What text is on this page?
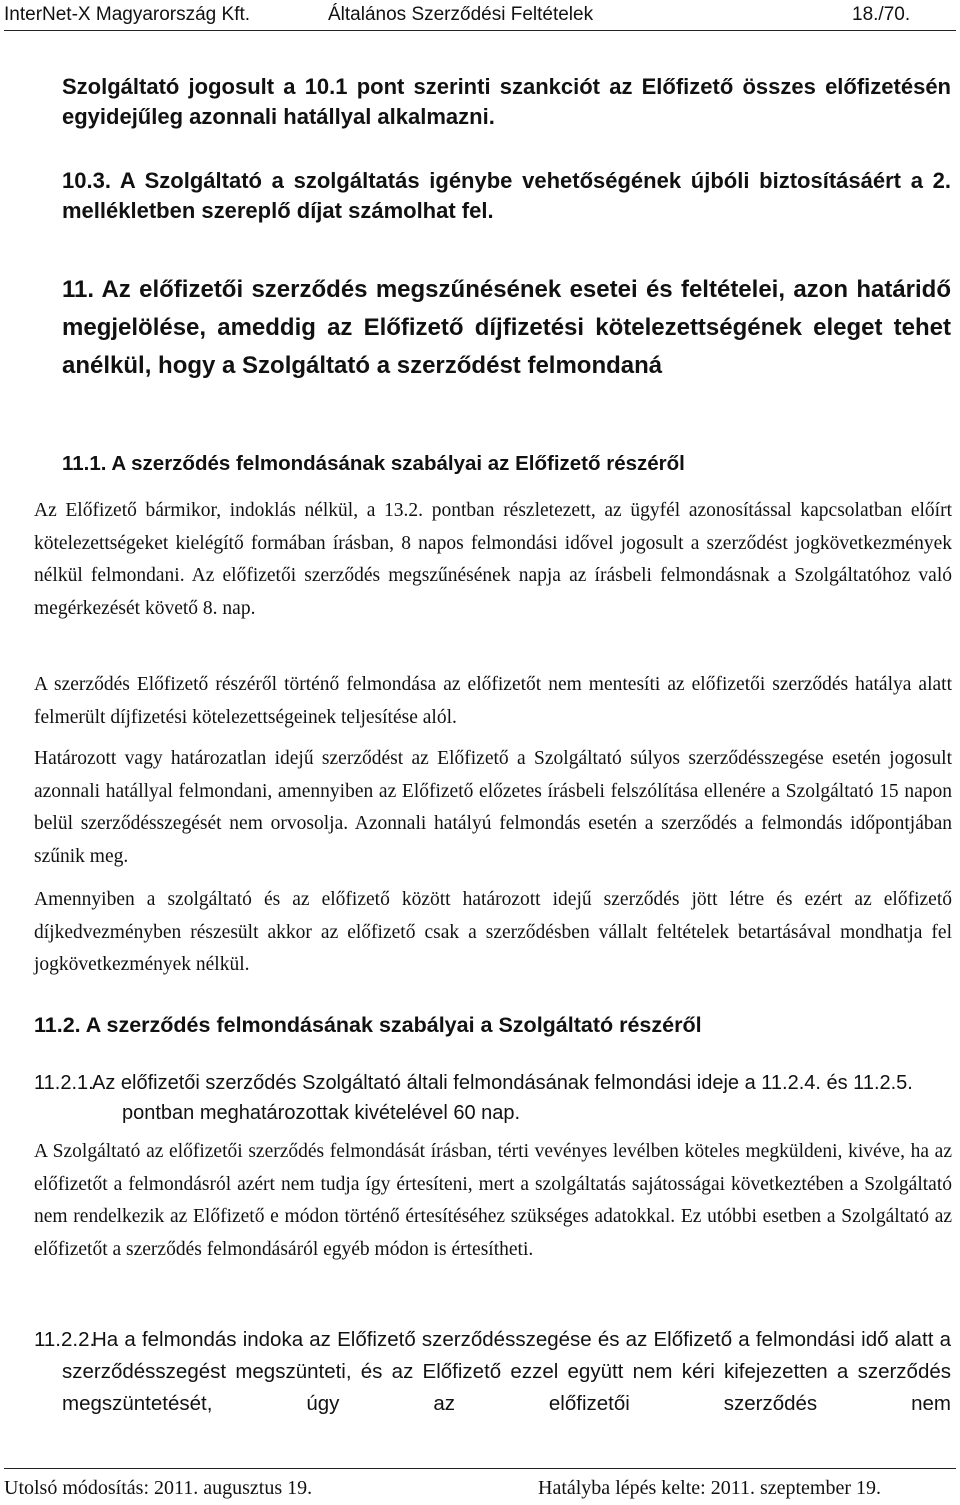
InterNet-X Magyarország Kft.	Általános Szerződési Feltételek	18./70.
Szolgáltató jogosult a 10.1 pont szerinti szankciót az Előfizető összes előfizetésén egyidejűleg azonnali hatállyal alkalmazni.
10.3. A Szolgáltató a szolgáltatás igénybe vehetőségének újbóli biztosításáért a 2. mellékletben szereplő díjat számolhat fel.
11. Az előfizetői szerződés megszűnésének esetei és feltételei, azon határidő megjelölése, ameddig az Előfizető díjfizetési kötelezettségének eleget tehet anélkül, hogy a Szolgáltató a szerződést felmondaná
11.1. A szerződés felmondásának szabályai az Előfizető részéről
Az Előfizető bármikor, indoklás nélkül, a 13.2. pontban részletezett, az ügyfél azonosítással kapcsolatban előírt kötelezettségeket kielégítő formában írásban, 8 napos felmondási idővel jogosult a szerződést jogkövetkezmények nélkül felmondani. Az előfizetői szerződés megszűnésének napja az írásbeli felmondásnak a Szolgáltatóhoz való megérkezését követő 8. nap.
A szerződés Előfizető részéről történő felmondása az előfizetőt nem mentesíti az előfizetői szerződés hatálya alatt felmerült díjfizetési kötelezettségeinek teljesítése alól.
Határozott vagy határozatlan idejű szerződést az Előfizető a Szolgáltató súlyos szerződésszegése esetén jogosult azonnali hatállyal felmondani, amennyiben az Előfizető előzetes írásbeli felszólítása ellenére a Szolgáltató 15 napon belül szerződésszegését nem orvosolja. Azonnali hatályú felmondás esetén a szerződés a felmondás időpontjában szűnik meg.
Amennyiben a szolgáltató és az előfizető között határozott idejű szerződés jött létre és ezért az előfizető díjkedvezményben részesült akkor az előfizető csak a szerződésben vállalt feltételek betartásával mondhatja fel jogkövetkezmények nélkül.
11.2. A szerződés felmondásának szabályai a Szolgáltató részéről
11.2.1.
Az előfizetői szerződés Szolgáltató általi felmondásának felmondási ideje a 11.2.4. és 11.2.5. pontban meghatározottak kivételével 60 nap.
A Szolgáltató az előfizetői szerződés felmondását írásban, térti vevényes levélben köteles megküldeni, kivéve, ha az előfizetőt a felmondásról azért nem tudja így értesíteni, mert a szolgáltatás sajátosságai következtében a Szolgáltató nem rendelkezik az Előfizető e módon történő értesítéséhez szükséges adatokkal. Ez utóbbi esetben a Szolgáltató az előfizetőt a szerződés felmondásáról egyéb módon is értesítheti.
11.2.2.
Ha a felmondás indoka az Előfizető szerződésszegése és az Előfizető a felmondási idő alatt a szerződésszegést megszünteti, és az Előfizető ezzel együtt nem kéri kifejezetten a szerződés megszüntetését, úgy az előfizetői szerződés nem
Utolsó módosítás: 2011. augusztus 19.	Hatályba lépés kelte: 2011. szeptember 19.
